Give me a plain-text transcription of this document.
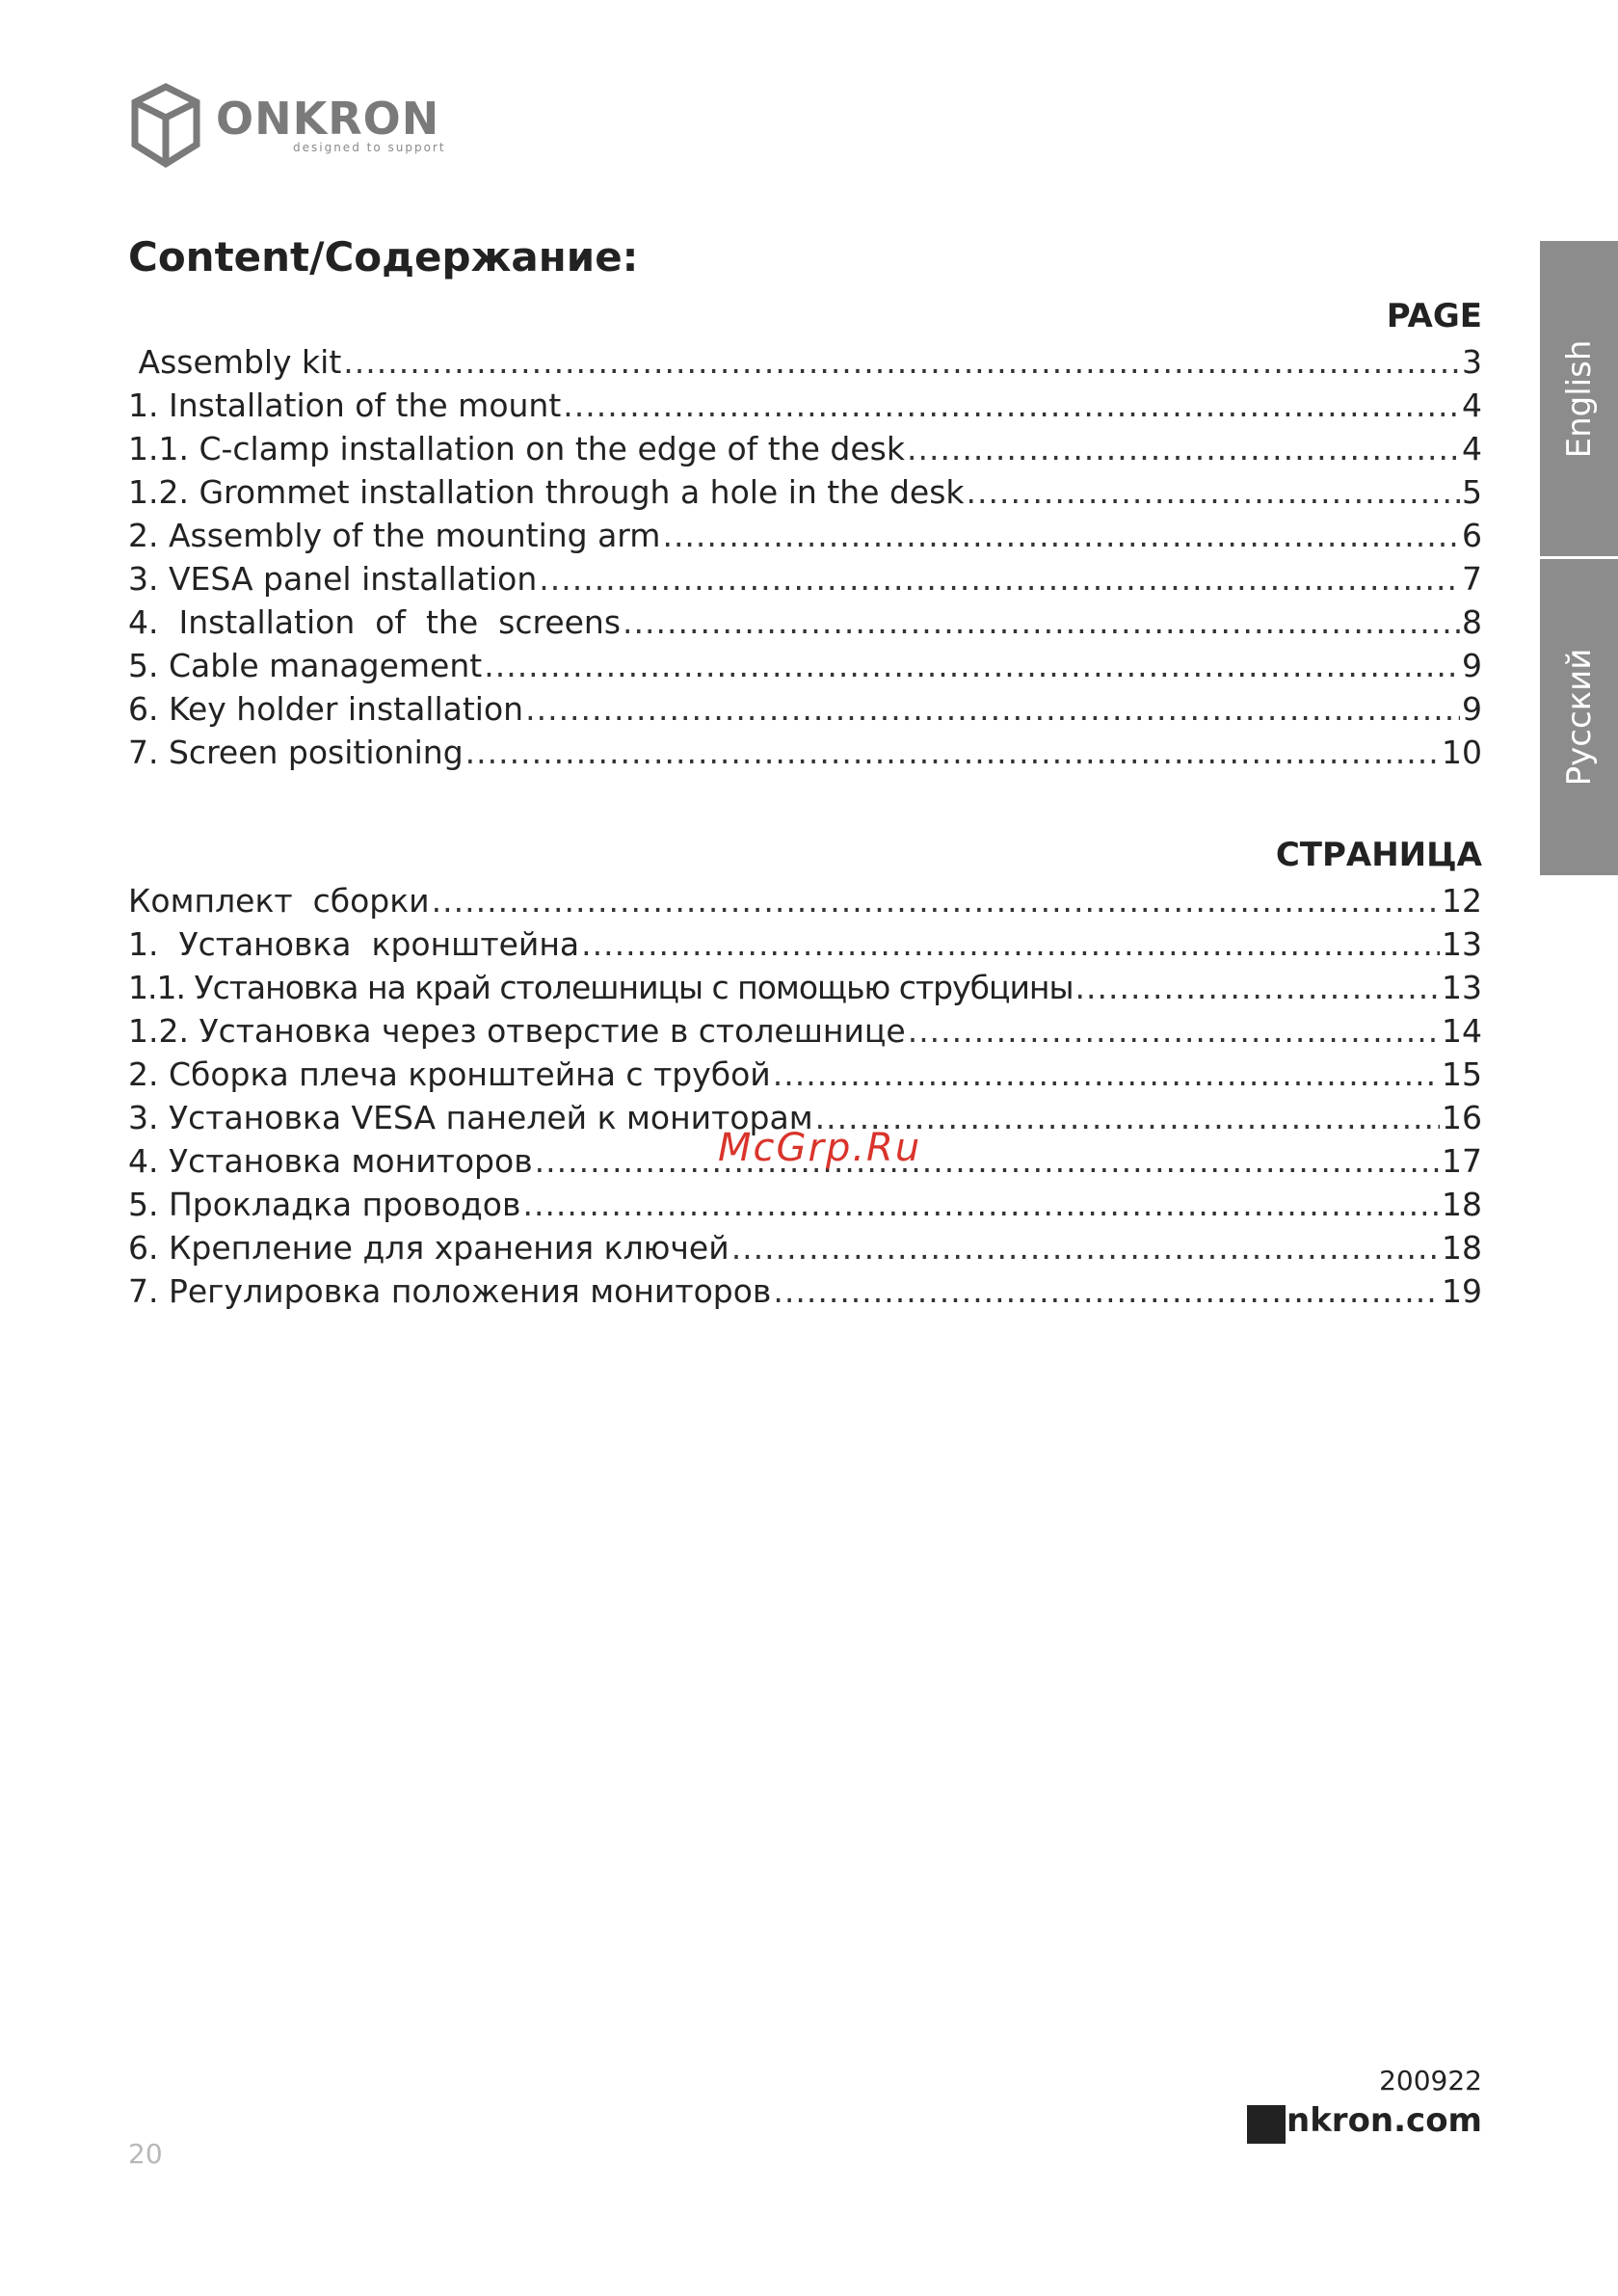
ONKRON
designed to support
Content/Содержание:
PAGE
Assembly kit .....	3
1. Installation of the mount .....	4
1.1. C-clamp installation on the edge of the desk .....	4
1.2. Grommet installation through a hole in the desk .....	5
2. Assembly of the mounting arm .....	6
3. VESA panel installation .....	7
4.  Installation  of  the  screens .....	8
5. Cable management .....	9
6. Key holder installation .....	9
7. Screen positioning .....	10
СТРАНИЦА
Комплект  сборки .....	12
1.  Установка  кронштейна .....	13
1.1. Установка на край столешницы с помощью струбцины .....	13
1.2. Установка через отверстие в столешнице .....	14
2. Сборка плеча кронштейна с трубой .....	15
3. Установка VESA панелей к мониторам .....	16
4. Установка мониторов .....	17
5. Прокладка проводов .....	18
6. Крепление для хранения ключей .....	18
7. Регулировка положения мониторов .....	19
McGrp.Ru
English
Русский
200922
onkron.com
20
